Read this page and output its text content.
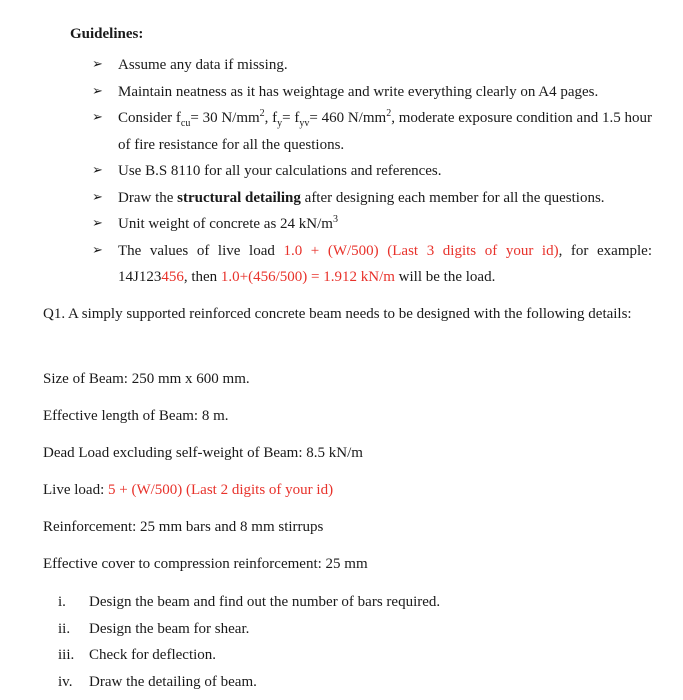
Guidelines:
➢	Assume any data if missing.
➢	Maintain neatness as it has weightage and write everything clearly on A4 pages.
➢	Consider $f_{cu}= 30$ $N/mm^2$, $f_y= f_{yv}= 460$ $N/mm^2$, moderate exposure condition and 1.5 hour of fire resistance for all the questions.
➢	Use B.S 8110 for all your calculations and references.
➢	Draw the structural detailing after designing each member for all the questions.
➢	Unit weight of concrete as 24 $kN/m^3$
➢	The values of live load 1.0 + (W/500) (Last 3 digits of your id), for example: 14J123456, then 1.0+(456/500) = 1.912 kN/m will be the load.
Q1. A simply supported reinforced concrete beam needs to be designed with the following details:
Size of Beam: 250 mm x 600 mm.
Effective length of Beam: 8 m.
Dead Load excluding self-weight of Beam: 8.5 kN/m
Live load: 5 + (W/500) (Last 2 digits of your id)
Reinforcement: 25 mm bars and 8 mm stirrups
Effective cover to compression reinforcement: 25 mm
i.	Design the beam and find out the number of bars required.
ii.	Design the beam for shear.
iii. Check for deflection.
iv.	Draw the detailing of beam.
